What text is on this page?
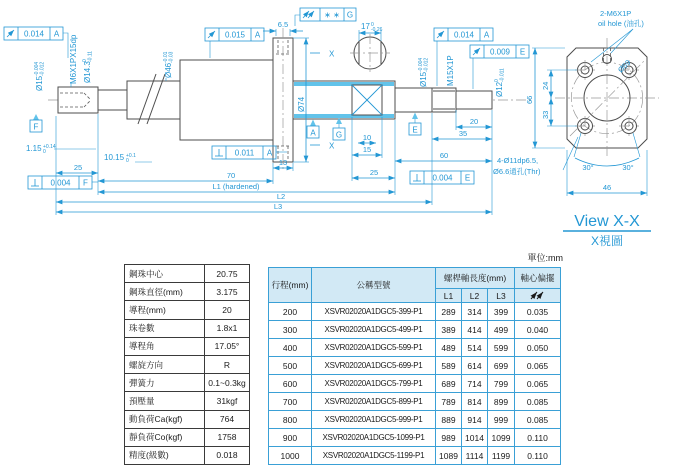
0.014 A	0.015 A
∗ ∗ G
0.014 A
0.009 E
0.011 A
0.004 F
0.004 E
F
A	G
E
X
X
Ø15
-0.004 -0.012	M6X1PX15dp Ø14.3
0 -0.11
Ø46
-0.01 -0.03
Ø74
Ø15
-0.004 -0.012 M15X1P
Ø12
0 -0.011
17 0
-0.26
6.5
1.15 +0.14
0
10.15 +0.1
0
25
70
13
25
10
15
60
20
35
L1 (hardened)
L2
L3
66
24
33
46
30°	30°
Ø59
2-M6X1P
oil hole (油孔)
4-Ø11dp6.5,
Ø6.6通孔(Thr)
View X-X
X視圖
單位:mm
鋼珠中心	20.75
鋼珠直徑(mm)	3.175
導程(mm)	20
珠卷數	1.8x1
導程角	17.05°
螺旋方向	R
彈簧力	0.1~0.3kg
預壓量	31kgf
動負荷Ca(kgf)	764
靜負荷Co(kgf)	1758
精度(級數)	0.018
行程(mm)	公稱型號	螺桿軸長度(mm)			軸心偏擺
		L1	L2	L3	
200	XSVR02020A1DGC5-399-P1	289	314	399	0.035
300	XSVR02020A1DGC5-499-P1	389	414	499	0.040
400	XSVR02020A1DGC5-599-P1	489	514	599	0.050
500	XSVR02020A1DGC5-699-P1	589	614	699	0.065
600	XSVR02020A1DGC5-799-P1	689	714	799	0.065
700	XSVR02020A1DGC5-899-P1	789	814	899	0.085
800	XSVR02020A1DGC5-999-P1	889	914	999	0.085
900	XSVR02020A1DGC5-1099-P1	989	1014	1099	0.110
1000	XSVR02020A1DGC5-1199-P1	1089	1114	1199	0.110
